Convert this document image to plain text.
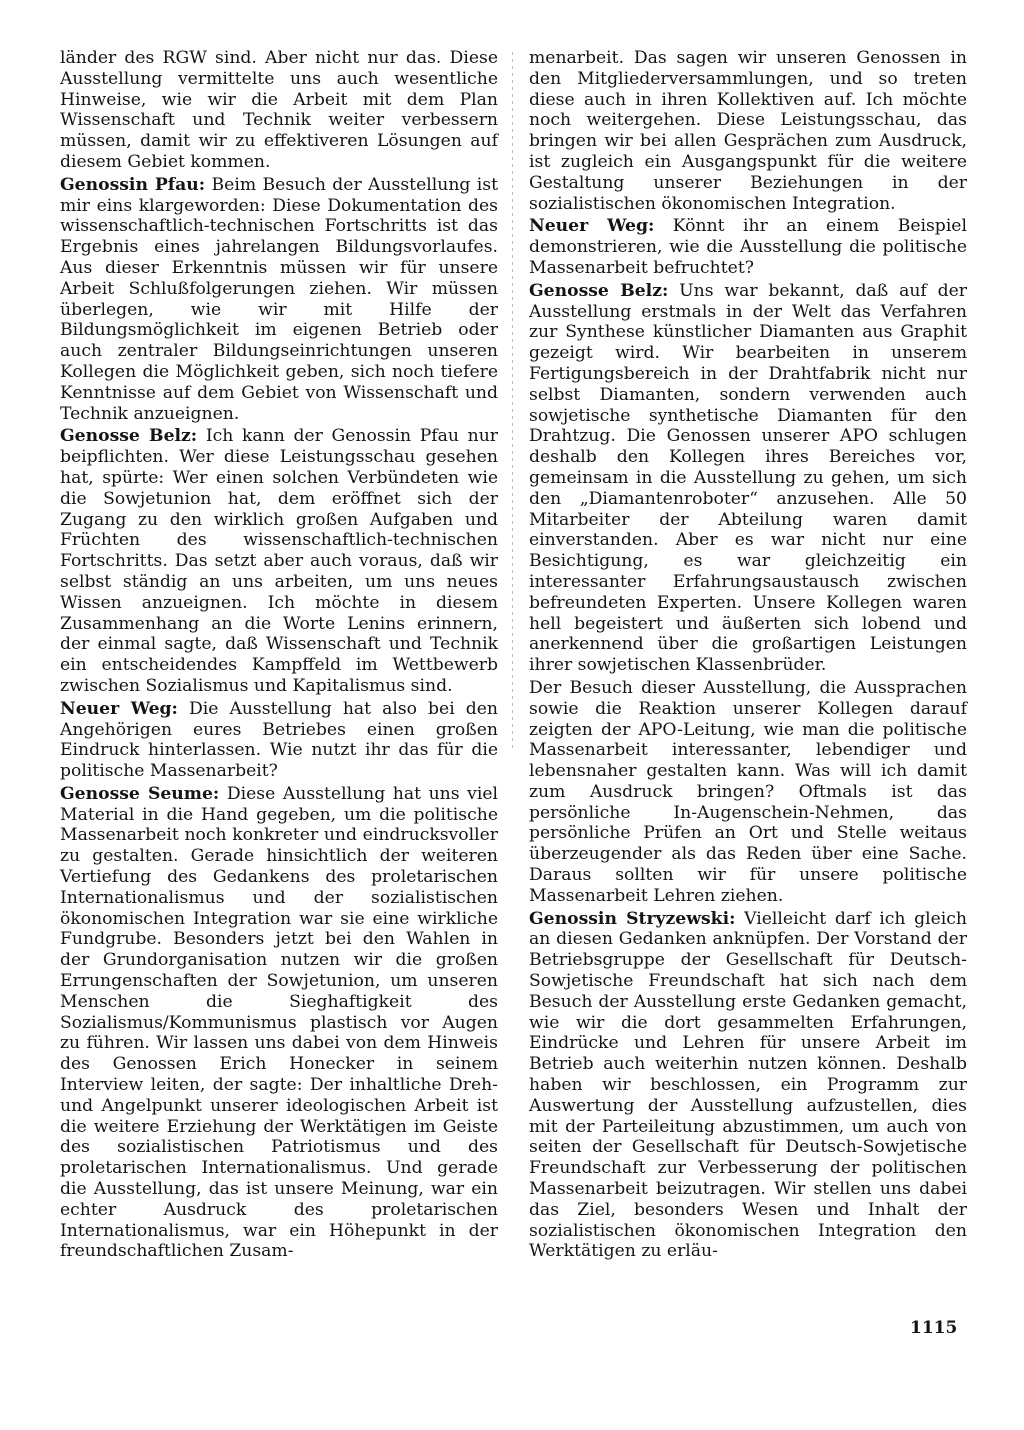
länder des RGW sind. Aber nicht nur das. Diese Ausstellung vermittelte uns auch wesentliche Hinweise, wie wir die Arbeit mit dem Plan Wissenschaft und Technik weiter verbessern müssen, damit wir zu effektiveren Lösungen auf diesem Gebiet kommen.

Genossin Pfau: Beim Besuch der Ausstellung ist mir eins klargeworden: Diese Dokumentation des wissenschaftlich-technischen Fortschritts ist das Ergebnis eines jahrelangen Bildungsvorlaufes. Aus dieser Erkenntnis müssen wir für unsere Arbeit Schlußfolgerungen ziehen. Wir müssen überlegen, wie wir mit Hilfe der Bildungsmöglichkeit im eigenen Betrieb oder auch zentraler Bildungseinrichtungen unseren Kollegen die Möglichkeit geben, sich noch tiefere Kenntnisse auf dem Gebiet von Wissenschaft und Technik anzueignen.

Genosse Belz: Ich kann der Genossin Pfau nur beipflichten. Wer diese Leistungsschau gesehen hat, spürte: Wer einen solchen Verbündeten wie die Sowjetunion hat, dem eröffnet sich der Zugang zu den wirklich großen Aufgaben und Früchten des wissenschaftlich-technischen Fortschritts. Das setzt aber auch voraus, daß wir selbst ständig an uns arbeiten, um uns neues Wissen anzueignen. Ich möchte in diesem Zusammenhang an die Worte Lenins erinnern, der einmal sagte, daß Wissenschaft und Technik ein entscheidendes Kampffeld im Wettbewerb zwischen Sozialismus und Kapitalismus sind.

Neuer Weg: Die Ausstellung hat also bei den Angehörigen eures Betriebes einen großen Eindruck hinterlassen. Wie nutzt ihr das für die politische Massenarbeit?

Genosse Seume: Diese Ausstellung hat uns viel Material in die Hand gegeben, um die politische Massenarbeit noch konkreter und eindrucksvoller zu gestalten. Gerade hinsichtlich der weiteren Vertiefung des Gedankens des proletarischen Internationalismus und der sozialistischen ökonomischen Integration war sie eine wirkliche Fundgrube. Besonders jetzt bei den Wahlen in der Grundorganisation nutzen wir die großen Errungenschaften der Sowjetunion, um unseren Menschen die Sieghaftigkeit des Sozialismus/Kommunismus plastisch vor Augen zu führen. Wir lassen uns dabei von dem Hinweis des Genossen Erich Honecker in seinem Interview leiten, der sagte: Der inhaltliche Dreh- und Angelpunkt unserer ideologischen Arbeit ist die weitere Erziehung der Werktätigen im Geiste des sozialistischen Patriotismus und des proletarischen Internationalismus. Und gerade die Ausstellung, das ist unsere Meinung, war ein echter Ausdruck des proletarischen Internationalismus, war ein Höhepunkt in der freundschaftlichen Zusam-

menarbeit. Das sagen wir unseren Genossen in den Mitgliederversammlungen, und so treten diese auch in ihren Kollektiven auf. Ich möchte noch weitergehen. Diese Leistungsschau, das bringen wir bei allen Gesprächen zum Ausdruck, ist zugleich ein Ausgangspunkt für die weitere Gestaltung unserer Beziehungen in der sozialistischen ökonomischen Integration.

Neuer Weg: Könnt ihr an einem Beispiel demonstrieren, wie die Ausstellung die politische Massenarbeit befruchtet?

Genosse Belz: Uns war bekannt, daß auf der Ausstellung erstmals in der Welt das Verfahren zur Synthese künstlicher Diamanten aus Graphit gezeigt wird. Wir bearbeiten in unserem Fertigungsbereich in der Drahtfabrik nicht nur selbst Diamanten, sondern verwenden auch sowjetische synthetische Diamanten für den Drahtzug. Die Genossen unserer APO schlugen deshalb den Kollegen ihres Bereiches vor, gemeinsam in die Ausstellung zu gehen, um sich den „Diamantenroboter“ anzusehen. Alle 50 Mitarbeiter der Abteilung waren damit einverstanden. Aber es war nicht nur eine Besichtigung, es war gleichzeitig ein interessanter Erfahrungsaustausch zwischen befreundeten Experten. Unsere Kollegen waren hell begeistert und äußerten sich lobend und anerkennend über die großartigen Leistungen ihrer sowjetischen Klassenbrüder.

Der Besuch dieser Ausstellung, die Aussprachen sowie die Reaktion unserer Kollegen darauf zeigten der APO-Leitung, wie man die politische Massenarbeit interessanter, lebendiger und lebensnaher gestalten kann. Was will ich damit zum Ausdruck bringen? Oftmals ist das persönliche In-Augenschein-Nehmen, das persönliche Prüfen an Ort und Stelle weitaus überzeugender als das Reden über eine Sache. Daraus sollten wir für unsere politische Massenarbeit Lehren ziehen.

Genossin Stryzewski: Vielleicht darf ich gleich an diesen Gedanken anknüpfen. Der Vorstand der Betriebsgruppe der Gesellschaft für Deutsch-Sowjetische Freundschaft hat sich nach dem Besuch der Ausstellung erste Gedanken gemacht, wie wir die dort gesammelten Erfahrungen, Eindrücke und Lehren für unsere Arbeit im Betrieb auch weiterhin nutzen können. Deshalb haben wir beschlossen, ein Programm zur Auswertung der Ausstellung aufzustellen, dies mit der Parteileitung abzustimmen, um auch von seiten der Gesellschaft für Deutsch-Sowjetische Freundschaft zur Verbesserung der politischen Massenarbeit beizutragen. Wir stellen uns dabei das Ziel, besonders Wesen und Inhalt der sozialistischen ökonomischen Integration den Werktätigen zu erläu-

1115
